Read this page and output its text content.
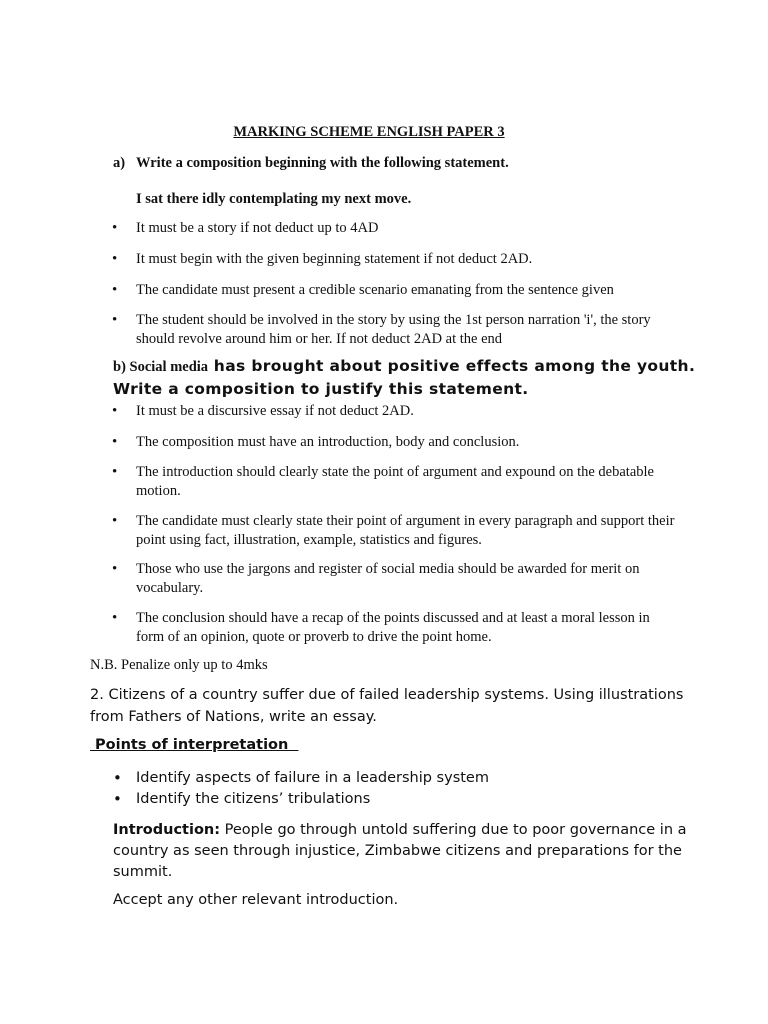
MARKING SCHEME ENGLISH PAPER 3
a) Write a composition beginning with the following statement.
I sat there idly contemplating my next move.
• It must be a story if not deduct up to 4AD
• It must begin with the given beginning statement if not deduct 2AD.
• The candidate must present a credible scenario emanating from the sentence given
• The student should be involved in the story by using the 1st person narration 'i', the story should revolve around him or her. If not deduct 2AD at the end
b) Social media has brought about positive effects among the youth.
Write a composition to justify this statement.
• It must be a discursive essay if not deduct 2AD.
• The composition must have an introduction, body and conclusion.
• The introduction should clearly state the point of argument and expound on the debatable motion.
• The candidate must clearly state their point of argument in every paragraph and support their point using fact, illustration, example, statistics and figures.
• Those who use the jargons and register of social media should be awarded for merit on vocabulary.
• The conclusion should have a recap of the points discussed and at least a moral lesson in form of an opinion, quote or proverb to drive the point home.
N.B. Penalize only up to 4mks
2. Citizens of a country suffer due of failed leadership systems. Using illustrations from Fathers of Nations, write an essay.
Points of interpretation
• Identify aspects of failure in a leadership system
• Identify the citizens’ tribulations
Introduction: People go through untold suffering due to poor governance in a country as seen through injustice, Zimbabwe citizens and preparations for the summit.
Accept any other relevant introduction.
